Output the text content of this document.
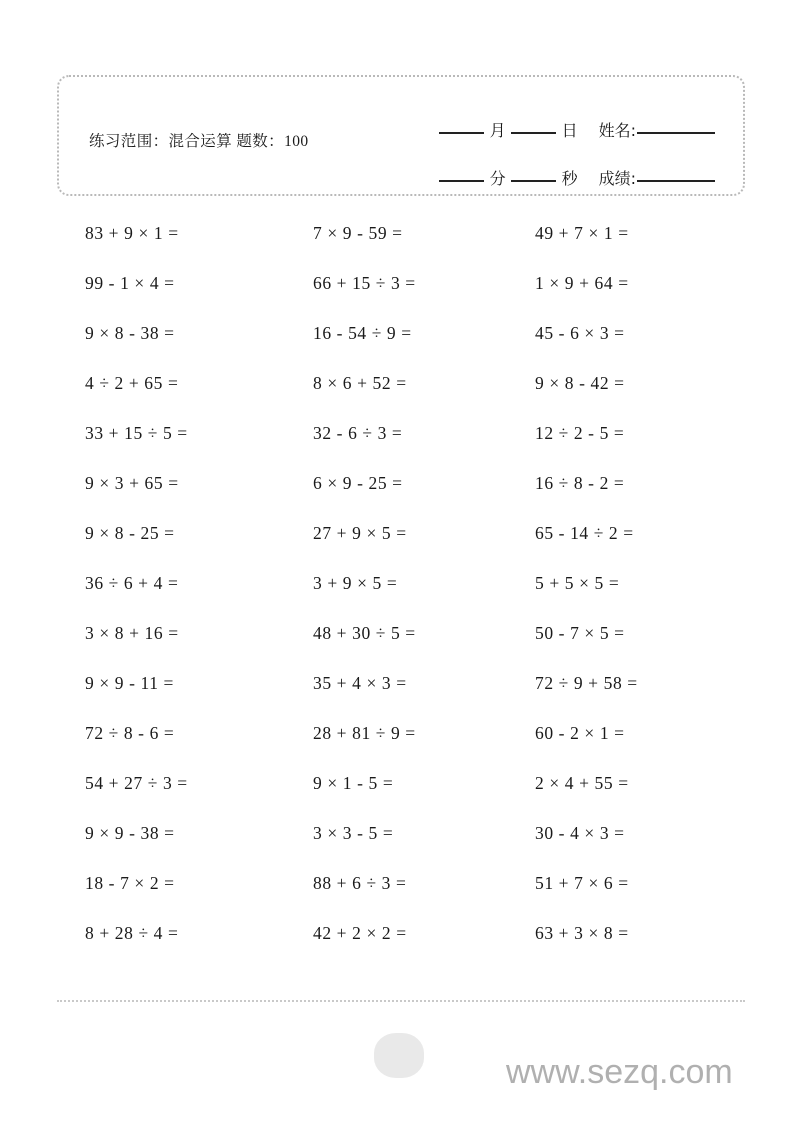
练习范围：混合运算 题数：100
月	日	姓名:
分	秒	成绩:
83 + 9 × 1 =	7 × 9 - 59 =	49 + 7 × 1 =
99 - 1 × 4 =	66 + 15 ÷ 3 =	1 × 9 + 64 =
9 × 8 - 38 =	16 - 54 ÷ 9 =	45 - 6 × 3 =
4 ÷ 2 + 65 =	8 × 6 + 52 =	9 × 8 - 42 =
33 + 15 ÷ 5 =	32 - 6 ÷ 3 =	12 ÷ 2 - 5 =
9 × 3 + 65 =	6 × 9 - 25 =	16 ÷ 8 - 2 =
9 × 8 - 25 =	27 + 9 × 5 =	65 - 14 ÷ 2 =
36 ÷ 6 + 4 =	3 + 9 × 5 =	5 + 5 × 5 =
3 × 8 + 16 =	48 + 30 ÷ 5 =	50 - 7 × 5 =
9 × 9 - 11 =	35 + 4 × 3 =	72 ÷ 9 + 58 =
72 ÷ 8 - 6 =	28 + 81 ÷ 9 =	60 - 2 × 1 =
54 + 27 ÷ 3 =	9 × 1 - 5 =	2 × 4 + 55 =
9 × 9 - 38 =	3 × 3 - 5 =	30 - 4 × 3 =
18 - 7 × 2 =	88 + 6 ÷ 3 =	51 + 7 × 6 =
8 + 28 ÷ 4 =	42 + 2 × 2 =	63 + 3 × 8 =
www.sezq.com
